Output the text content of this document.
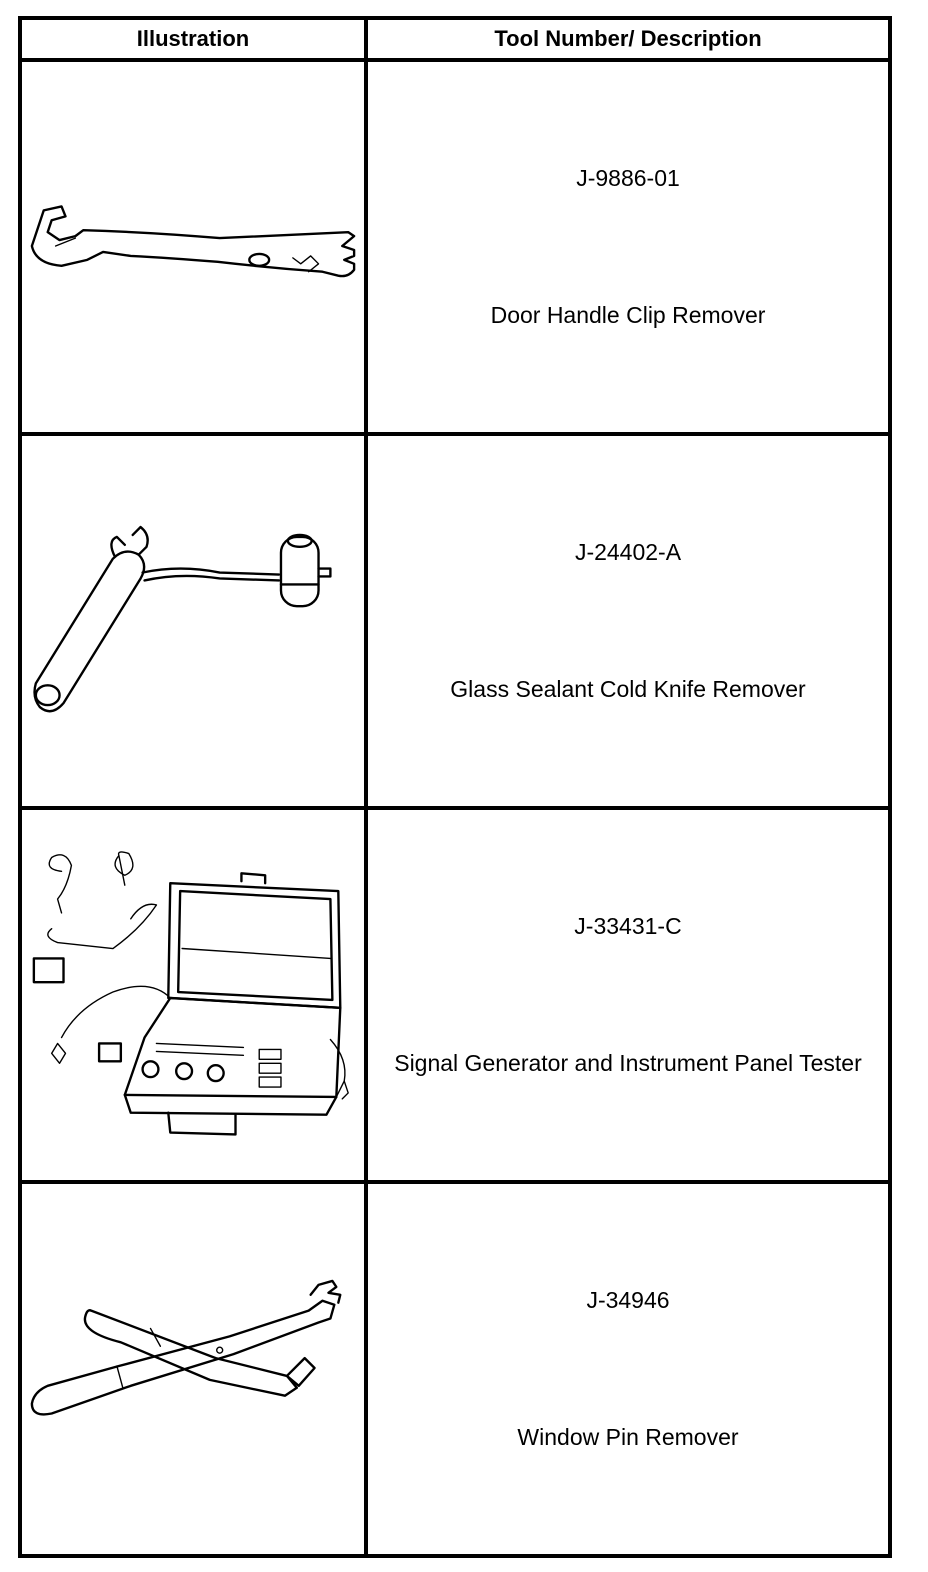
Illustration	Tool Number/ Description

J-9886-01
Door Handle Clip Remover

J-24402-A
Glass Sealant Cold Knife Remover

J-33431-C
Signal Generator and Instrument Panel Tester

J-34946
Window Pin Remover
